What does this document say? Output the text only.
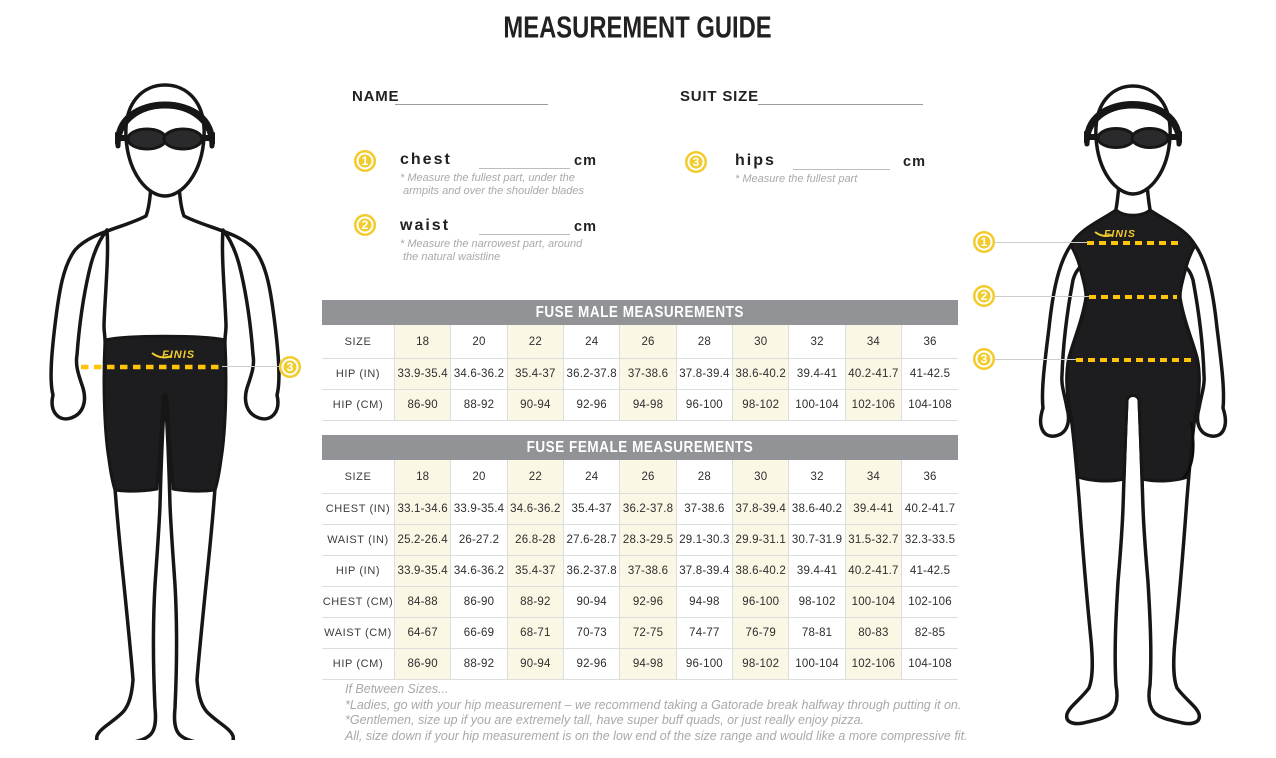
MEASUREMENT GUIDE
NAME	SUIT SIZE
1	chest	cm
* Measure the fullest part, under the
armpits and over the shoulder blades
2	waist	cm
* Measure the narrowest part, around
the natural waistline
3	hips	cm
* Measure the fullest part
FUSE MALE MEASUREMENTS
SIZE	18	20	22	24	26	28	30	32	34	36
HIP (IN)	33.9-35.4	34.6-36.2	35.4-37	36.2-37.8	37-38.6	37.8-39.4	38.6-40.2	39.4-41	40.2-41.7	41-42.5
HIP (CM)	86-90	88-92	90-94	92-96	94-98	96-100	98-102	100-104	102-106	104-108
FUSE FEMALE MEASUREMENTS
SIZE	18	20	22	24	26	28	30	32	34	36
CHEST (IN)	33.1-34.6	33.9-35.4	34.6-36.2	35.4-37	36.2-37.8	37-38.6	37.8-39.4	38.6-40.2	39.4-41	40.2-41.7
WAIST (IN)	25.2-26.4	26-27.2	26.8-28	27.6-28.7	28.3-29.5	29.1-30.3	29.9-31.1	30.7-31.9	31.5-32.7	32.3-33.5
HIP (IN)	33.9-35.4	34.6-36.2	35.4-37	36.2-37.8	37-38.6	37.8-39.4	38.6-40.2	39.4-41	40.2-41.7	41-42.5
CHEST (CM)	84-88	86-90	88-92	90-94	92-96	94-98	96-100	98-102	100-104	102-106
WAIST (CM)	64-67	66-69	68-71	70-73	72-75	74-77	76-79	78-81	80-83	82-85
HIP (CM)	86-90	88-92	90-94	92-96	94-98	96-100	98-102	100-104	102-106	104-108
If Between Sizes...
*Ladies, go with your hip measurement – we recommend taking a Gatorade break halfway through putting it on.
*Gentlemen, size up if you are extremely tall, have super buff quads, or just really enjoy pizza.
All, size down if your hip measurement is on the low end of the size range and would like a more compressive fit.
FINIS
3
FINIS
1
2
3
